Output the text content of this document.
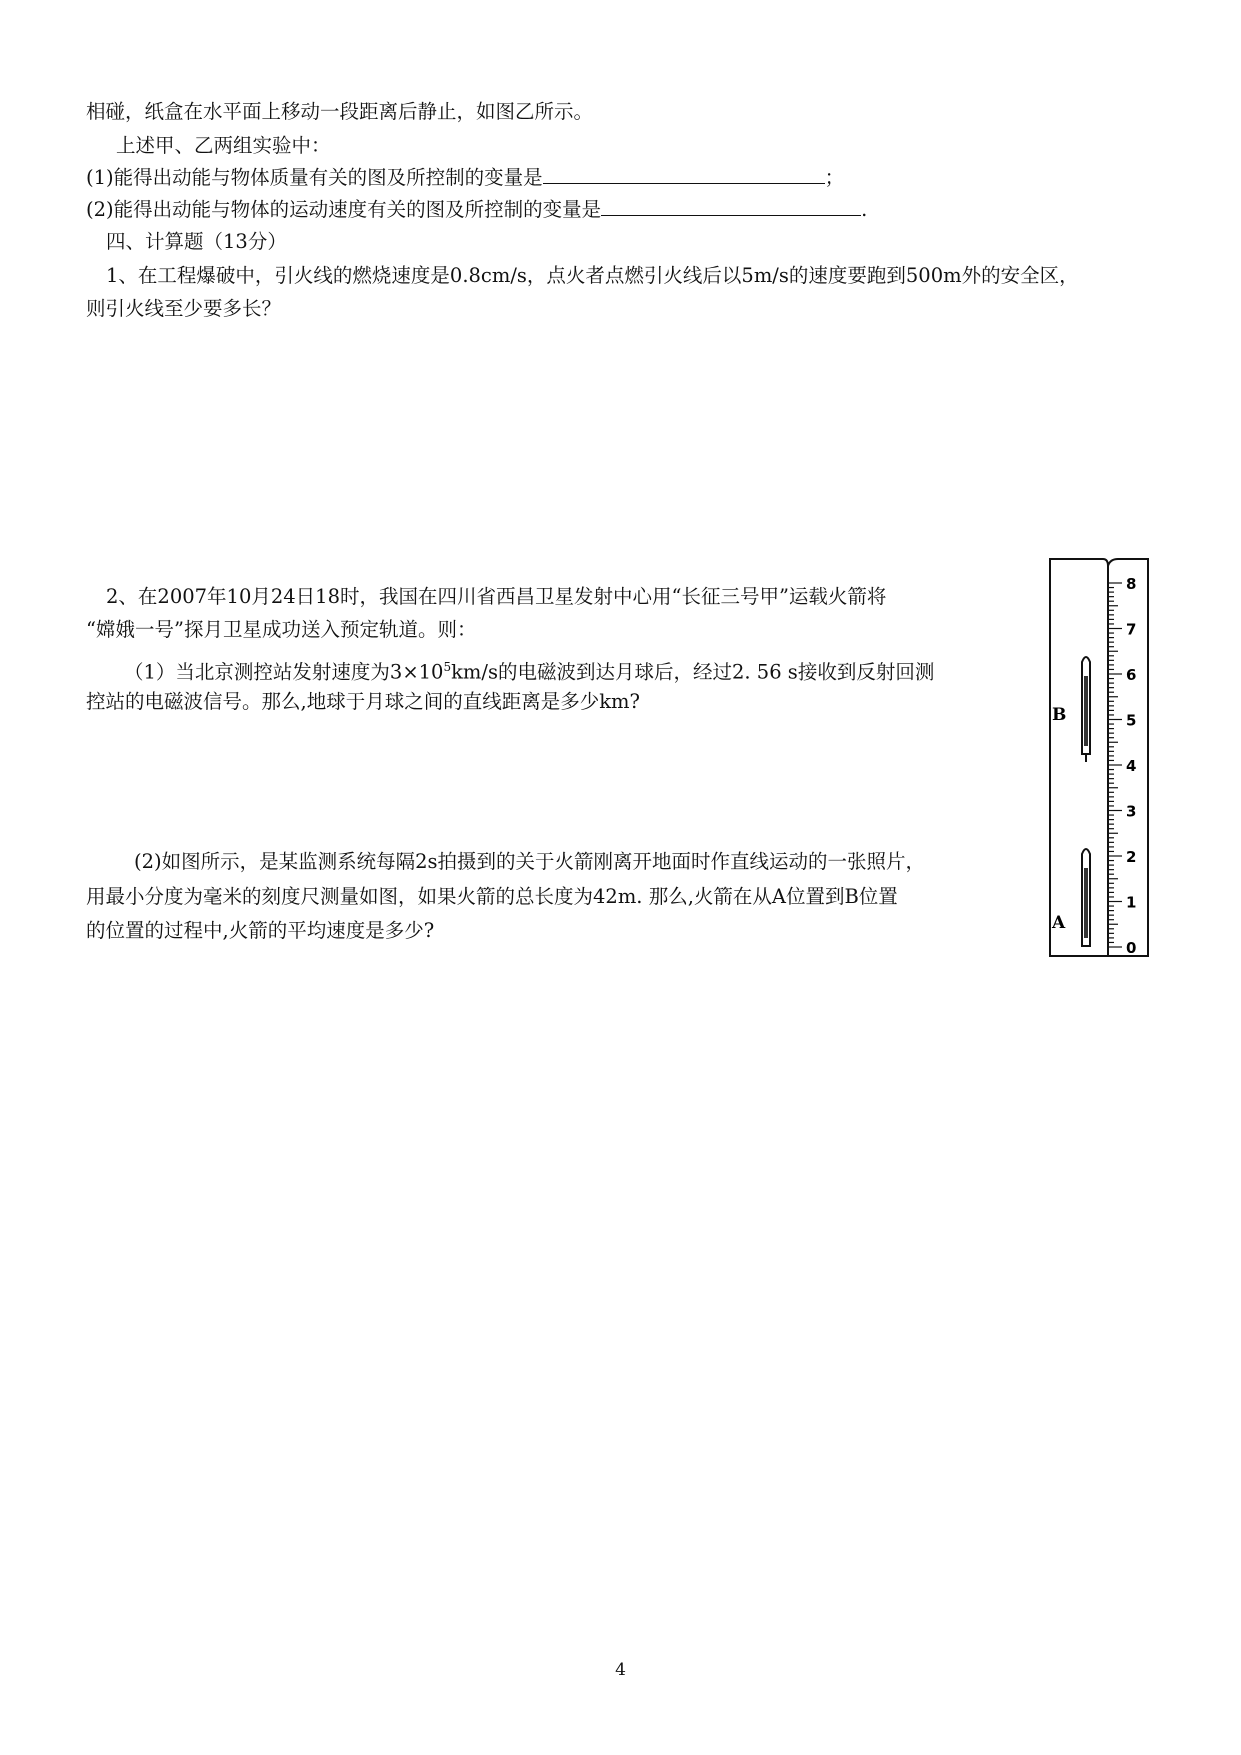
相碰，纸盒在水平面上移动一段距离后静止，如图乙所示。
上述甲、乙两组实验中：
(1)能得出动能与物体质量有关的图及所控制的变量是	；
(2)能得出动能与物体的运动速度有关的图及所控制的变量是	.
四、计算题（13分）
1、在工程爆破中，引火线的燃烧速度是0.8cm/s，点火者点燃引火线后以5m/s的速度要跑到500m外的安全区，
则引火线至少要多长？
2、在2007年10月24日18时，我国在四川省西昌卫星发射中心用“长征三号甲”运载火箭将
“嫦娥一号”探月卫星成功送入预定轨道。则：
（1）当北京测控站发射速度为$3\times 10^5km/s$的电磁波到达月球后，经过2. 56 s接收到反射回测
控站的电磁波信号。那么,地球于月球之间的直线距离是多少km?
(2)如图所示，是某监测系统每隔2s拍摄到的关于火箭刚离开地面时作直线运动的一张照片，
用最小分度为毫米的刻度尺测量如图，如果火箭的总长度为42m. 那么,火箭在从A位置到B位置
的位置的过程中,火箭的平均速度是多少?
0
1
2
3
4
5
6
7
8
B
A
4
